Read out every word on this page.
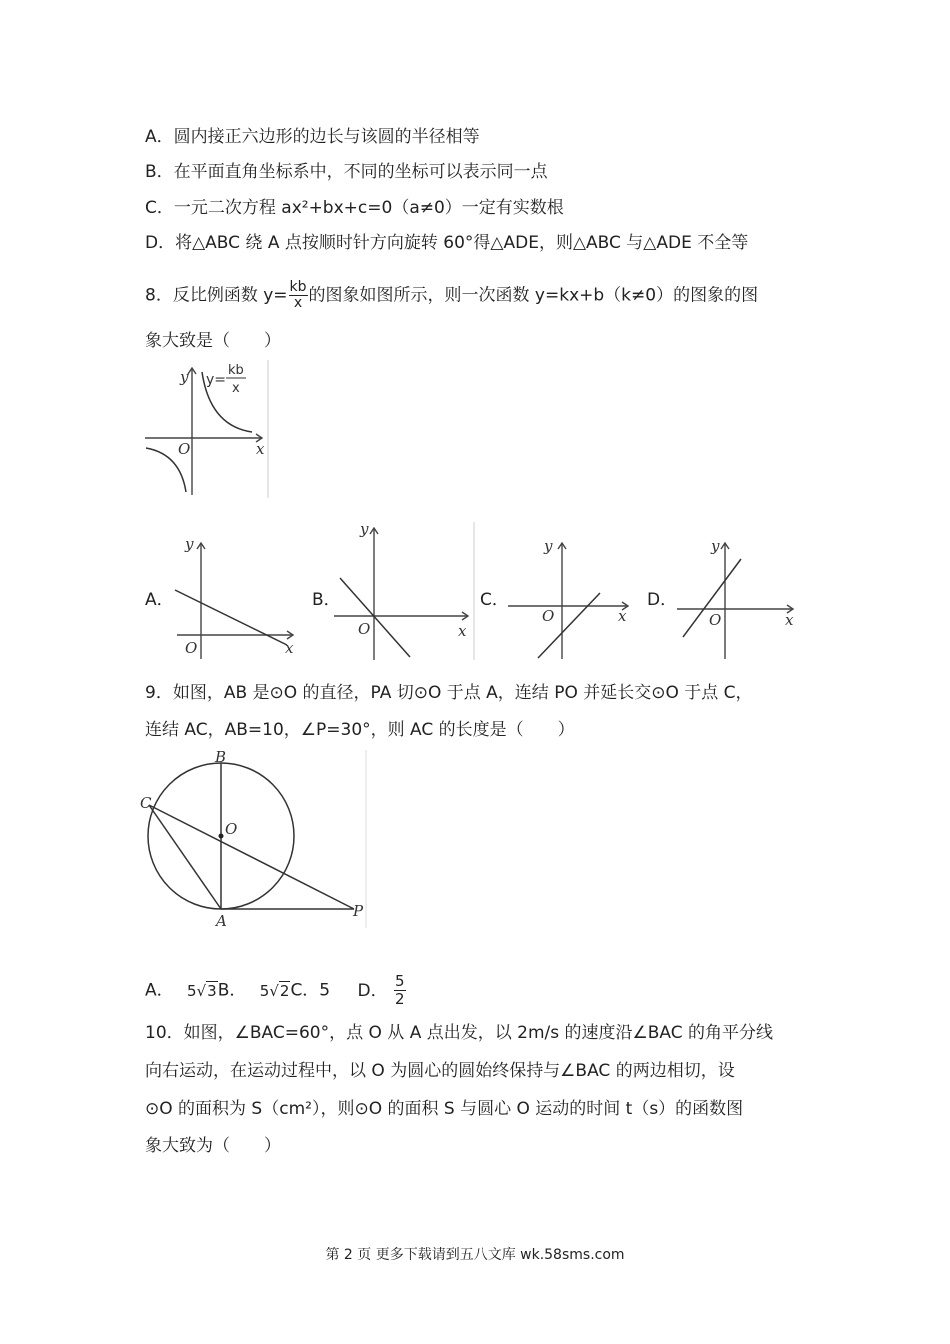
A．圆内接正六边形的边长与该圆的半径相等
B．在平面直角坐标系中，不同的坐标可以表示同一点
C．一元二次方程 ax²+bx+c=0（a≠0）一定有实数根
D．将△ABC 绕 A 点按顺时针方向旋转 60°得△ADE，则△ABC 与△ADE 不全等
8．反比例函数 $y= \frac{kb}{x}$ 的图象如图所示，则一次函数 y=kx+b（k≠0）的图象的图
象大致是（　　）
y
x
O
y=
kb
x
A．
y
x
O
B．
y
x
O
C．
y
x
O
D．
y
x
O
9．如图，AB 是⊙O 的直径，PA 切⊙O 于点 A，连结 PO 并延长交⊙O 于点 C，
连结 AC，AB=10，∠P=30°，则 AC 的长度是（　　）
B
C
O
A
P
A． 5√3B． 5√2C．5 D． $\frac{5}{2}$
10．如图，∠BAC=60°，点 O 从 A 点出发，以 2m/s 的速度沿∠BAC 的角平分线
向右运动，在运动过程中，以 O 为圆心的圆始终保持与∠BAC 的两边相切，设
⊙O 的面积为 S（cm²），则⊙O 的面积 S 与圆心 O 运动的时间 t（s）的函数图
象大致为（　　）
第 2 页 更多下载请到五八文库 wk.58sms.com
